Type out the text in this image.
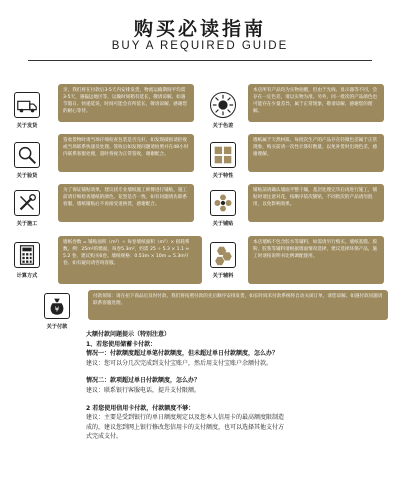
购买必读指南
BUY A REQUIRED GUIDE
关于发货
亲，我们将在付款后3-5天内安排发货，物流运输期间平均需3-5天，遇偏远地区等，运输时间稍有延长，敬请谅解。如遇节假日、快递延误，时间可能会有所延长，敬请谅解，感谢您的耐心等待。
关于色差
本店所有产品均为实物拍摄，但由于光线、显示器等不同，会存在一定色差，请以实物为准。另外，同一批次的产品颜色也可能存在少量差异，属于正常现象，敬请谅解，感谢您的理解。
关于验货
签收货物时请当场仔细检查包装是否完好，如发现破损请拒收或当场联系快递员处理。签收后如发现问题请拍照并在48小时内联系客服处理，超时将视为正常签收，谢谢配合。
关于特性
墙纸属于天然材质，每批次生产的产品存在轻微色差属于正常现象，购买前请一次性计算好数量，以免补货时出现色差，感谢理解。
关于施工
为了保证铺贴效果，建议找专业墙纸施工师傅进行铺贴，施工前请仔细检查墙纸的颜色、花型是否一致，如有问题请先联系客服，墙纸铺贴后不再接受退换货，感谢配合。
关于铺贴
铺贴前请确认墙面平整干燥，基层处理完毕后再进行施工，铺贴时请注意对花，按顺序依次铺贴，不同批次的产品请勿混用，以免影响效果。
计算方式
墙纸卷数 = 铺贴面积（m²）÷ 每卷墙纸面积（m²）× 损耗系数。例：25m²的墙面，每卷5.3m²，约需 25 ÷ 5.3 × 1.1 ≈ 5.2 卷，建议购买6卷。墙纸规格：0.53m × 10m = 5.3m²/卷。如有疑问请咨询客服。
关于辅料
本店墙纸不包含胶水等辅料，如需请另行购买。墙纸基膜、胶粉、胶浆等辅料请根据墙面情况选择，建议选择环保产品，施工时请按说明书比例调配使用。
¥
关于付款
付款须知：请在拍下商品后及时付款，我们将按照付款的先后顺序安排发货，如长时间未付款系统将自动关闭订单，请您谅解。如遇付款问题请联系客服处理。
大额付款问题提示（特别注意）
1、若您使用储蓄卡付款：
情况一：付款额度超过单笔付款额度，但未超过单日付款额度，怎么办？
建议：您可以分几次完成到支付宝账户，然后用支付宝账户余额付款。
情况二：款项超过单日付款额度，怎么办？
建议：联系银行客服电话，提升支付限额。
2 若您使用信用卡付款，付款额度不够：
建议：主要是受到银行的单日额度规定以及您本人信用卡的最高额度限制造
成的，建议您到网上银行修改您信用卡的支付额度，也可以选择其他支付方
式完成支付。
